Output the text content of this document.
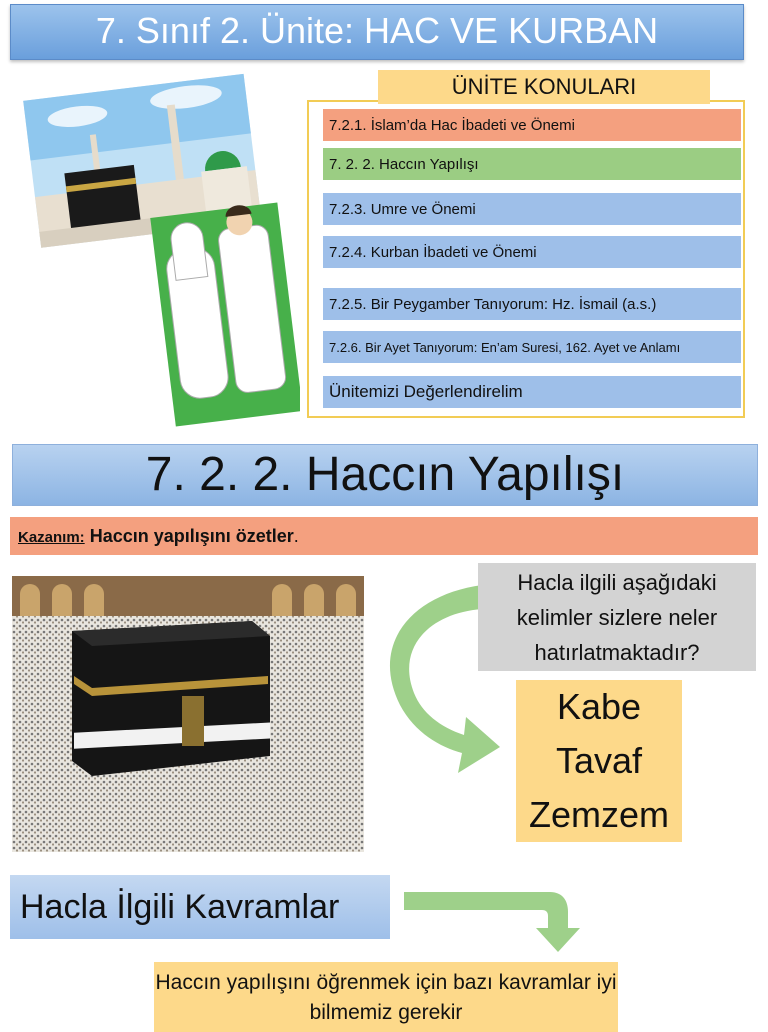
7. Sınıf 2. Ünite: HAC VE KURBAN
7.2.1. İslam’da Hac İbadeti ve Önemi
7. 2. 2. Haccın Yapılışı
7.2.3. Umre ve Önemi
7.2.4. Kurban İbadeti ve Önemi
7.2.5. Bir Peygamber Tanıyorum: Hz. İsmail (a.s.)
7.2.6. Bir Ayet Tanıyorum: En’am Suresi, 162. Ayet ve Anlamı
Ünitemizi Değerlendirelim
ÜNİTE KONULARI
7. 2. 2. Haccın Yapılışı
Kazanım: Haccın yapılışını özetler.
Hacla ilgili aşağıdaki kelimler sizlere neler hatırlatmaktadır?
Kabe
Tavaf
Zemzem
Hacla İlgili Kavramlar
Haccın yapılışını öğrenmek için bazı kavramlar iyi bilmemiz gerekir
